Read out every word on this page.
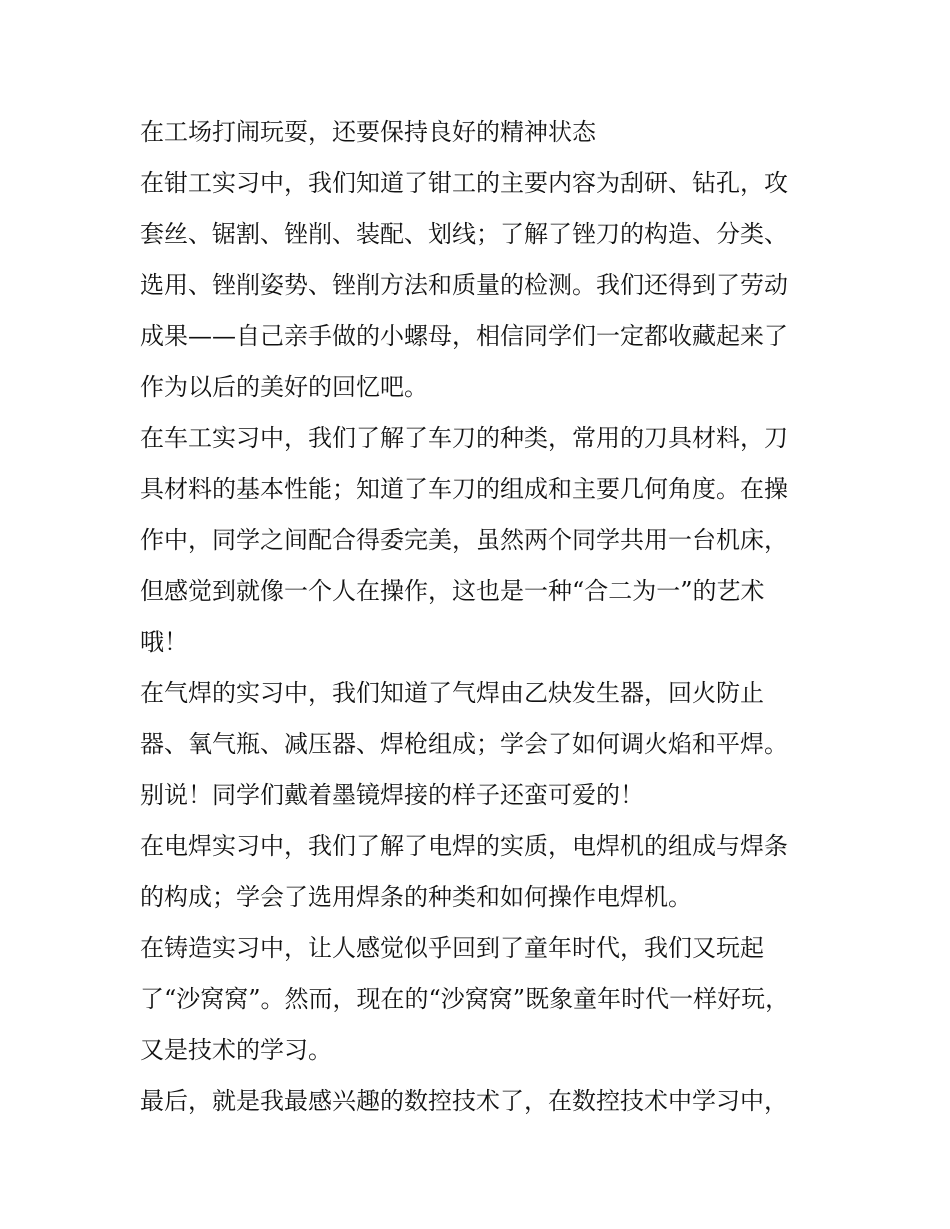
在工场打闹玩耍，还要保持良好的精神状态
在钳工实习中，我们知道了钳工的主要内容为刮研、钻孔，攻
套丝、锯割、锉削、装配、划线；了解了锉刀的构造、分类、
选用、锉削姿势、锉削方法和质量的检测。我们还得到了劳动
成果——自己亲手做的小螺母，相信同学们一定都收藏起来了
作为以后的美好的回忆吧。
在车工实习中，我们了解了车刀的种类，常用的刀具材料，刀
具材料的基本性能；知道了车刀的组成和主要几何角度。在操
作中，同学之间配合得委完美，虽然两个同学共用一台机床，
但感觉到就像一个人在操作，这也是一种“合二为一”的艺术
哦！
在气焊的实习中，我们知道了气焊由乙炔发生器，回火防止
器、氧气瓶、减压器、焊枪组成；学会了如何调火焰和平焊。
别说！同学们戴着墨镜焊接的样子还蛮可爱的！
在电焊实习中，我们了解了电焊的实质，电焊机的组成与焊条
的构成；学会了选用焊条的种类和如何操作电焊机。
在铸造实习中，让人感觉似乎回到了童年时代，我们又玩起
了“沙窝窝”。然而，现在的“沙窝窝”既象童年时代一样好玩，
又是技术的学习。
最后，就是我最感兴趣的数控技术了，在数控技术中学习中，
